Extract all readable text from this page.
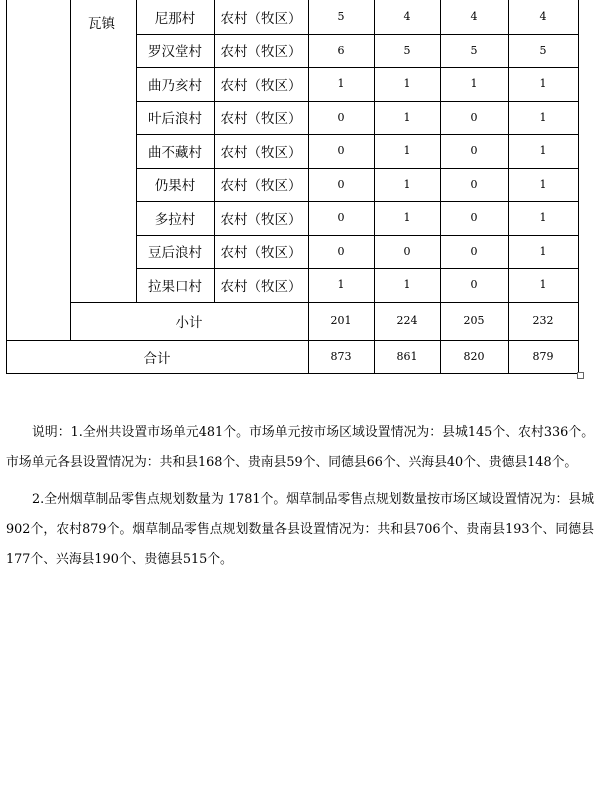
瓦镇	尼那村	农村（牧区）	5	4	4	4
罗汉堂村	农村（牧区）	6	5	5	5
曲乃亥村	农村（牧区）	1	1	1	1
叶后浪村	农村（牧区）	0	1	0	1
曲不藏村	农村（牧区）	0	1	0	1
仍果村	农村（牧区）	0	1	0	1
多拉村	农村（牧区）	0	1	0	1
豆后浪村	农村（牧区）	0	0	0	1
拉果口村	农村（牧区）	1	1	0	1
小计	201	224	205	232
合计	873	861	820	879

说明：1.全州共设置市场单元481个。市场单元按市场区域设置情况为：县城145个、农村336个。市场单元各县设置情况为：共和县168个、贵南县59个、同德县66个、兴海县40个、贵德县148个。

2.全州烟草制品零售点规划数量为 1781个。烟草制品零售点规划数量按市场区域设置情况为：县城902个，农村879个。烟草制品零售点规划数量各县设置情况为：共和县706个、贵南县193个、同德县177个、兴海县190个、贵德县515个。
